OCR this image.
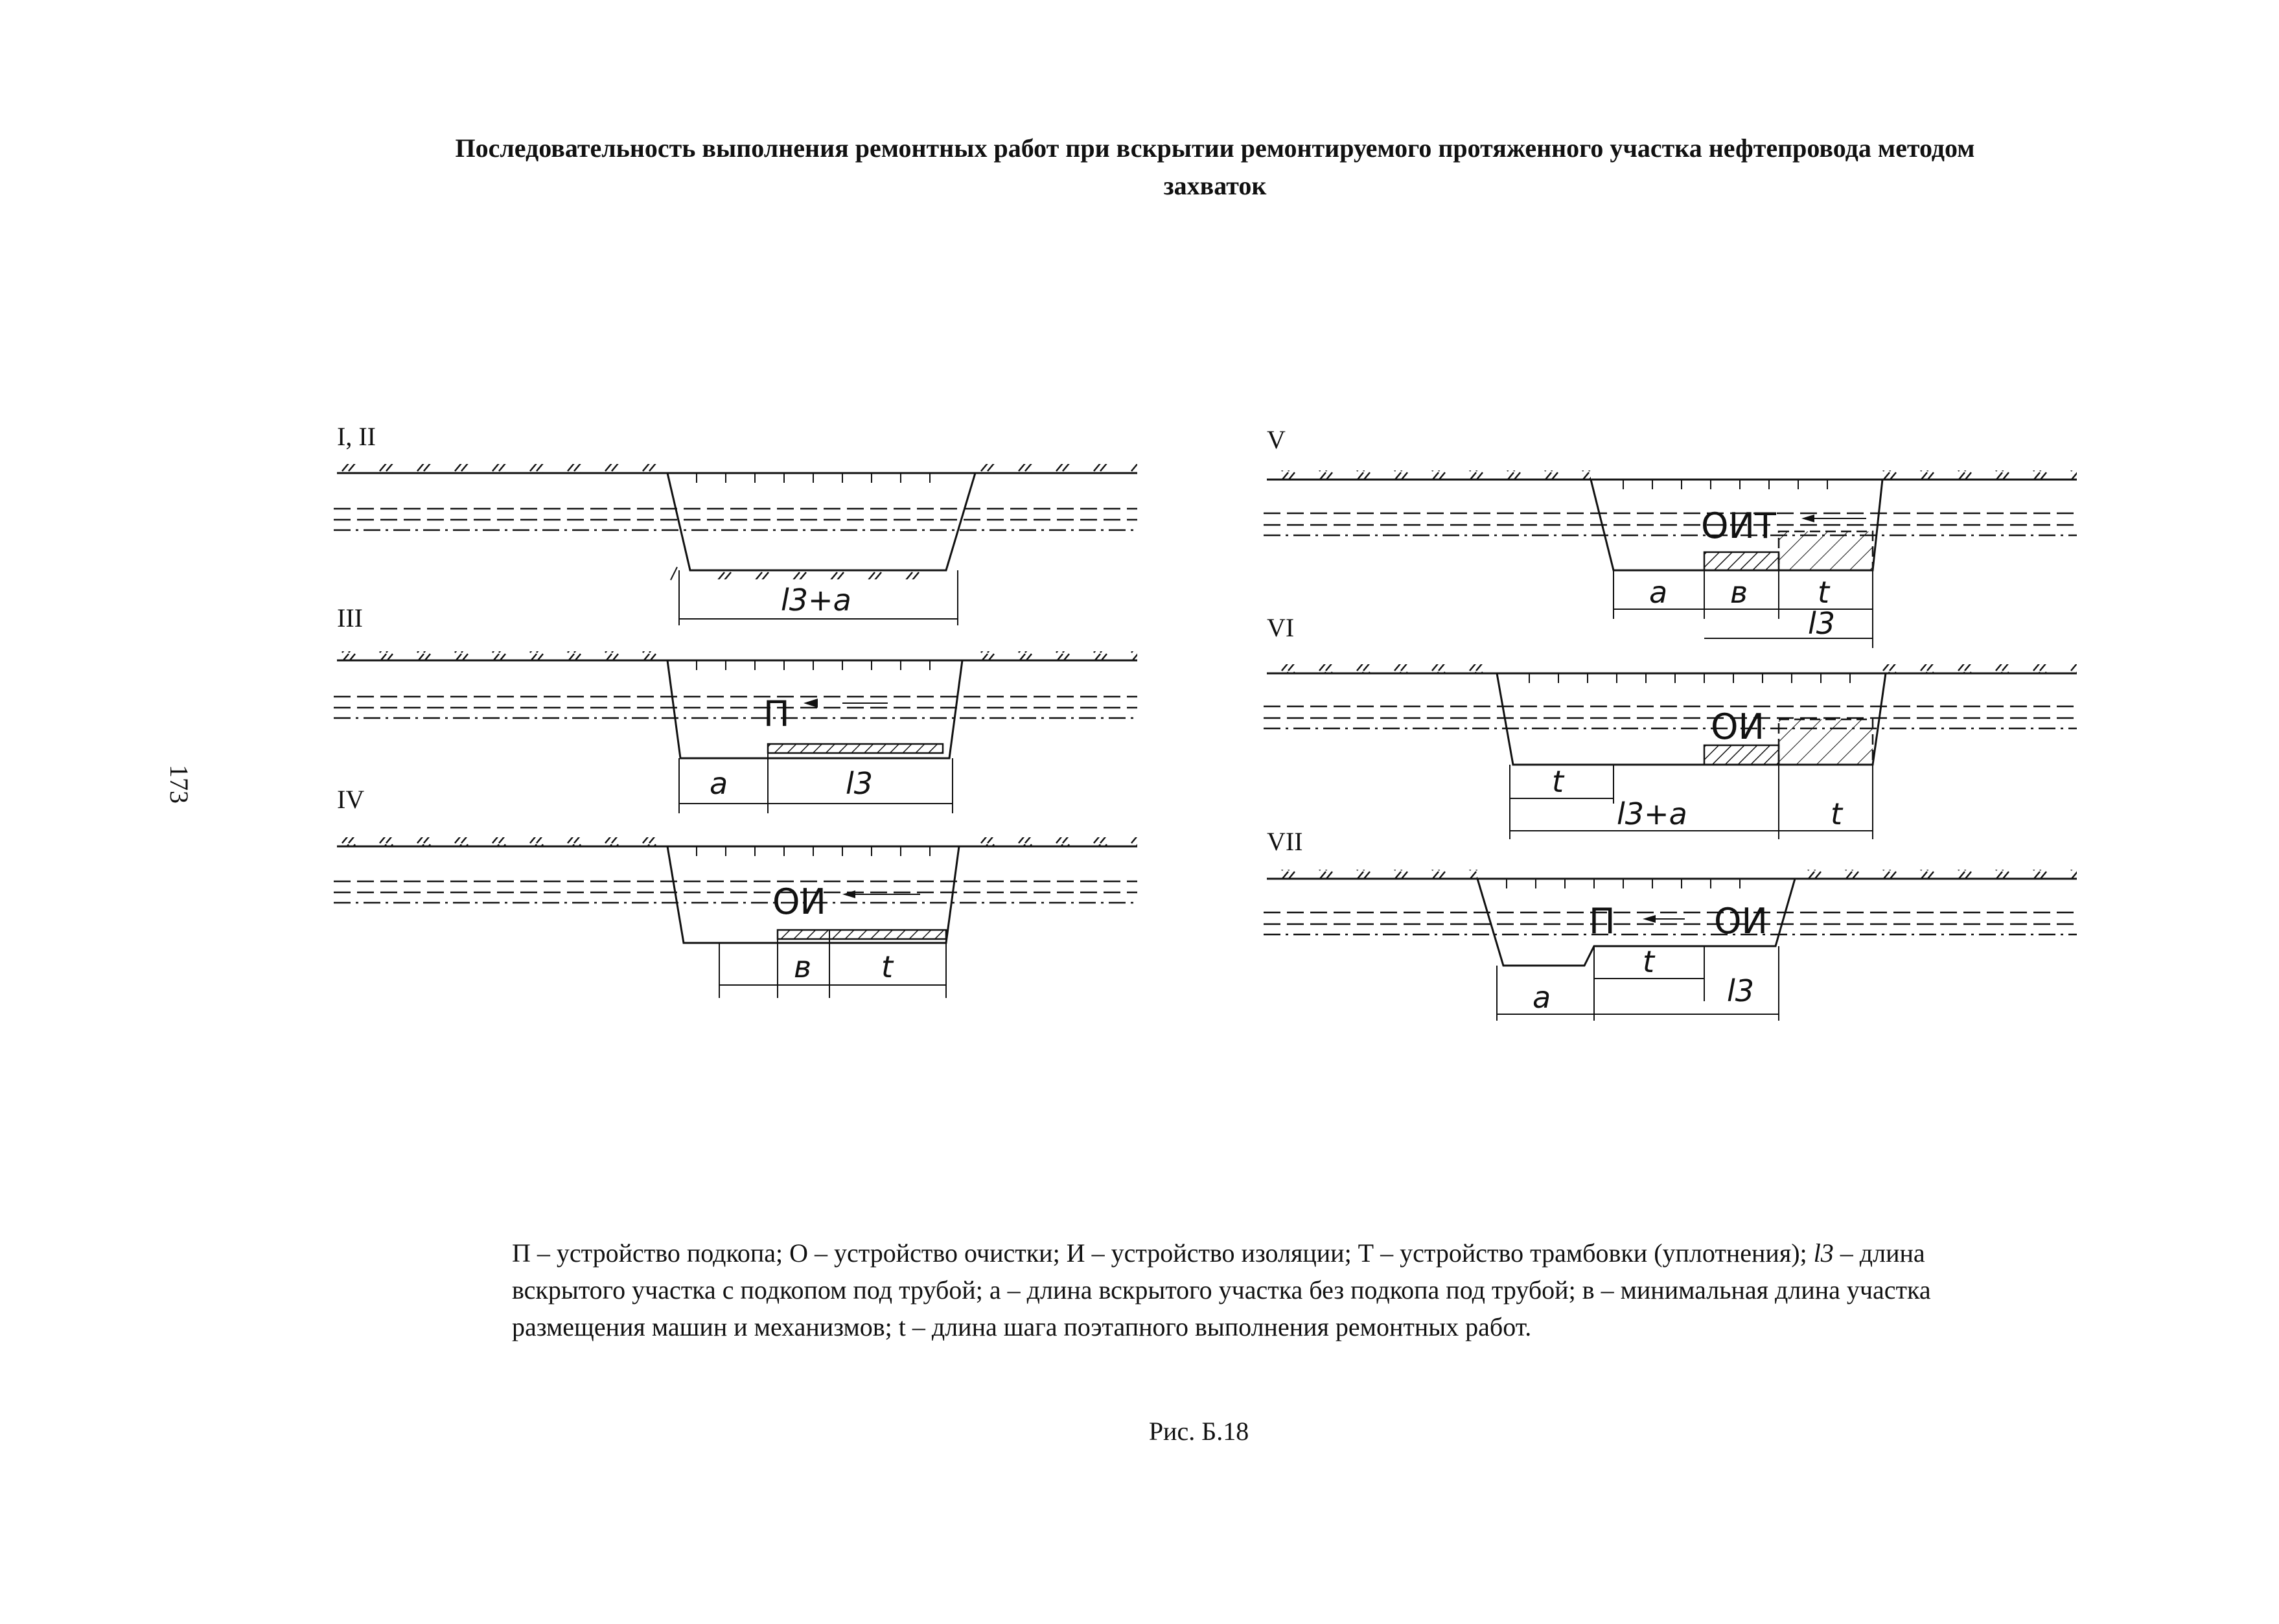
Последовательность выполнения ремонтных работ при вскрытии ремонтируемого протяженного участка нефтепровода методом захваток
173
I, II
III
IV
V
VI
VII
l3+a
П
a	l3
ОИ
в t
ОИТ
a в t
l3
ОИ
t
l3+a	t
П	ОИ
a
t
l3
П – устройство подкопа; О – устройство очистки; И – устройство изоляции; Т – устройство трамбовки (уплотнения); l3 – длина вскрытого участка с подкопом под трубой; а – длина вскрытого участка без подкопа под трубой; в – минимальная длина участка размещения машин и механизмов; t – длина шага поэтапного выполнения ремонтных работ.
Рис. Б.18
